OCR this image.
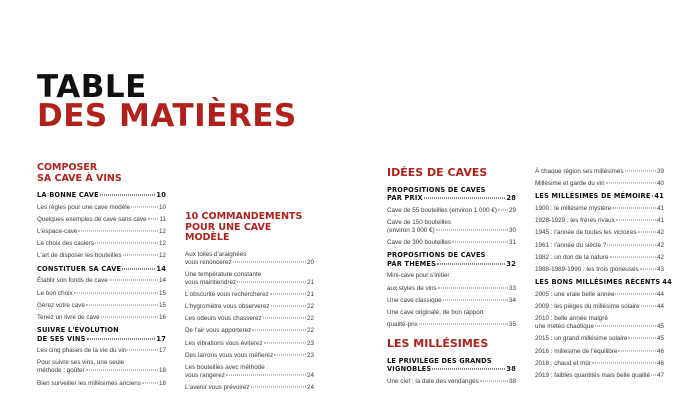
TABLE
DES MATIÈRES
COMPOSER
SA CAVE À VINS
LA BONNE CAVE	10
Les règles pour une cave modèle	10
Quelques exemples de cave sans cave 11
L'espace-cave	12
Le choix des casiers	12
L'art de disposer les bouteilles	12
CONSTITUER SA CAVE	14
Établir son fonds de cave	14
Le bon choix	15
Gérez votre cave	15
Tenez un livre de cave	16
SUIVRE L'ÉVOLUTION
DE SES VINS	17
Les cinq phases de la vie du vin	17
Pour suivre ses vins, une seule
méthode : goûter	18
Bien surveiller les millésimes anciens	18
10 COMMANDEMENTS
POUR UNE CAVE MODÈLE
Aux toiles d'araignées
vous renoncerez	20
Une température constante
vous maintiendrez	21
L'obscurité vous rechercherez	21
L'hygromètre vous observerez	22
Les odeurs vous chasserez	22
De l'air vous apporterez	22
Les vibrations vous éviterez	23
Des larrons vous vous méfierez	23
Les bouteilles avec méthode
vous rangerez	24
L'avenir vous prévoirez	24
IDÉES DE CAVES
PROPOSITIONS DE CAVES
PAR PRIX	28
Cave de 55 bouteilles (environ 1 000 €) 29
Cave de 150 bouteilles
(environ 3 000 €)	30
Cave de 300 bouteilles	31
PROPOSITIONS DE CAVES
PAR THÈMES	32
Mini-cave pour s'initier
aux styles de vins	33
Une cave classique	34
Une cave originale, de bon rapport
qualité-prix	35
LES MILLÉSIMES
LE PRIVILÈGE DES GRANDS
VIGNOBLES	38
Une clef : la date des vendanges	38
À chaque région ses millésimes	39
Millésime et garde du vin	40
LES MILLÉSIMES DE MÉMOIRE 41
1900 : le millésime mystère	41
1928-1929 : les frères rivaux	41
1945 : l'année de toutes les victoires	42
1961 : l'année du siècle ?	42
1982 : un don de la nature	42
1988-1989-1990 : les trois glorieuses	43
LES BONS MILLÉSIMES RÉCENTS 44
2005 : une vraie belle année	44
2009 : les pièges du millésime solaire	44
2010 : belle année malgré
une météo chaotique	45
2015 : un grand millésime solaire	45
2016 : millésime de l'équilibre	46
2018 : chaud et mûr	46
2019 : faibles quantités mais belle qualité 47
